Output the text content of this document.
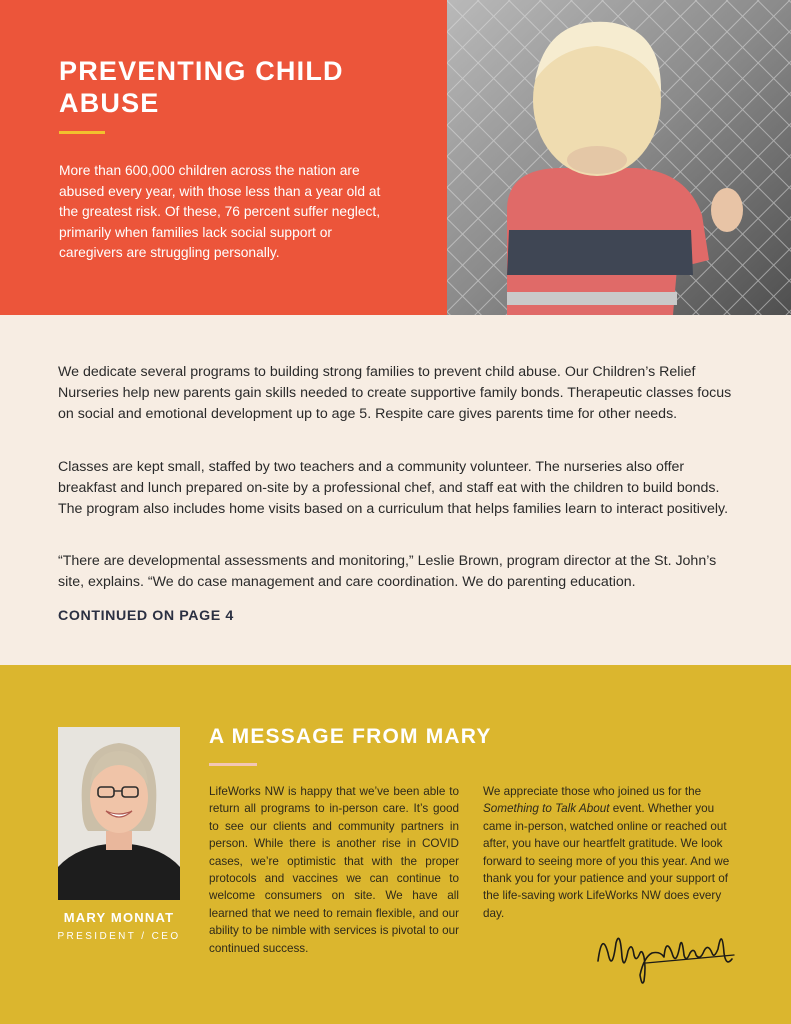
PREVENTING CHILD ABUSE

More than 600,000 children across the nation are abused every year, with those less than a year old at the greatest risk. Of these, 76 percent suffer neglect, primarily when families lack social support or caregivers are struggling personally.

We dedicate several programs to building strong families to prevent child abuse. Our Children’s Relief Nurseries help new parents gain skills needed to create supportive family bonds. Therapeutic classes focus on social and emotional development up to age 5. Respite care gives parents time for other needs.

Classes are kept small, staffed by two teachers and a community volunteer. The nurseries also offer breakfast and lunch prepared on-site by a professional chef, and staff eat with the children to build bonds. The program also includes home visits based on a curriculum that helps families learn to interact positively.

“There are developmental assessments and monitoring,” Leslie Brown, program director at the St. John’s site, explains. “We do case management and care coordination. We do parenting education.

CONTINUED ON PAGE 4

MARY MONNAT

PRESIDENT / CEO

A MESSAGE FROM MARY

LifeWorks NW is happy that we’ve been able to return all programs to in-person care. It’s good to see our clients and community partners in person. While there is another rise in COVID cases, we’re optimistic that with the proper protocols and vaccines we can continue to welcome consumers on site. We have all learned that we need to remain flexible, and our ability to be nimble with services is pivotal to our continued success.

We appreciate those who joined us for the Something to Talk About event. Whether you came in-person, watched online or reached out after, you have our heartfelt gratitude. We look forward to seeing more of you this year. And we thank you for your patience and your support of the life-saving work LifeWorks NW does every day.
